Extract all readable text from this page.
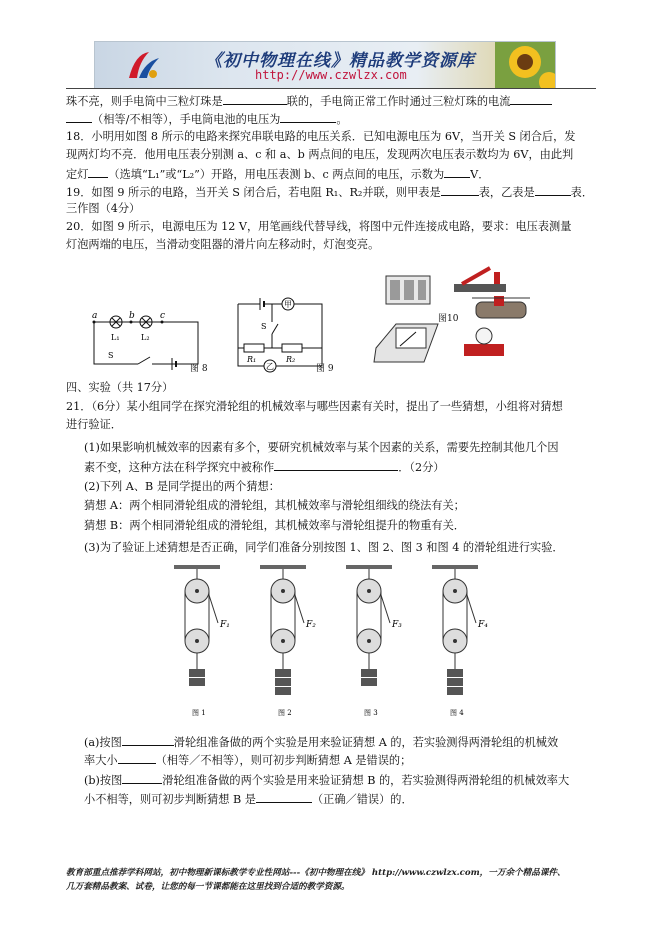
《初中物理在线》精品教学资源库
http://www.czwlzx.com
珠不亮，则手电筒中三粒灯珠是	联的，手电筒正常工作时通过三粒灯珠的电流
（相等/不相等），手电筒电池的电压为	。
18．小明用如图 8 所示的电路来探究串联电路的电压关系．已知电源电压为 6V，当开关 S 闭合后，发
现两灯均不亮．他用电压表分别测 a、c 和 a、b 两点间的电压，发现两次电压表示数均为 6V，由此判
定灯 （选填“L₁”或“L₂”）开路，用电压表测 b、c 两点间的电压，示数为 V．
19．如图 9 所示的电路，当开关 S 闭合后，若电阻 R₁、R₂并联，则甲表是	表，乙表是	表．
三作图（4分）
20．如图 9 所示，电源电压为 12 V，用笔画线代替导线，将图中元件连接成电路，要求：电压表测量
灯泡两端的电压，当滑动变阻器的滑片向左移动时，灯泡变亮。
a	b	c
L₁	L₂
S
图 8
S
R₁	R₂
甲
乙	图 9
图10
四、实验（共 17分）
21．（6分）某小组同学在探究滑轮组的机械效率与哪些因素有关时，提出了一些猜想，小组将对猜想
进行验证．
(1)如果影响机械效率的因素有多个，要研究机械效率与某个因素的关系，需要先控制其他几个因
素不变，这种方法在科学探究中被称作	．（2分）
(2)下列 A、B 是同学提出的两个猜想：
猜想 A：两个相同滑轮组成的滑轮组，其机械效率与滑轮组细线的绕法有关；
猜想 B：两个相同滑轮组成的滑轮组，其机械效率与滑轮组提升的物重有关．
(3)为了验证上述猜想是否正确，同学们准备分别按图 1、图 2、图 3 和图 4 的滑轮组进行实验．
F₁
图 1
F₂
图 2
F₃
图 3
F₄
图 4
(a)按图	滑轮组准备做的两个实验是用来验证猜想 A 的，若实验测得两滑轮组的机械效
率大小	（相等／不相等），则可初步判断猜想 A 是错误的；
(b)按图	滑轮组准备做的两个实验是用来验证猜想 B 的，若实验测得两滑轮组的机械效率大
小不相等，则可初步判断猜想 B 是	（正确／错误）的．
教育部重点推荐学科网站，初中物理新课标教学专业性网站---《初中物理在线》 http://www.czwlzx.com，一万余个精品课件、
几万套精品教案、试卷，让您的每一节课都能在这里找到合适的教学资源。
